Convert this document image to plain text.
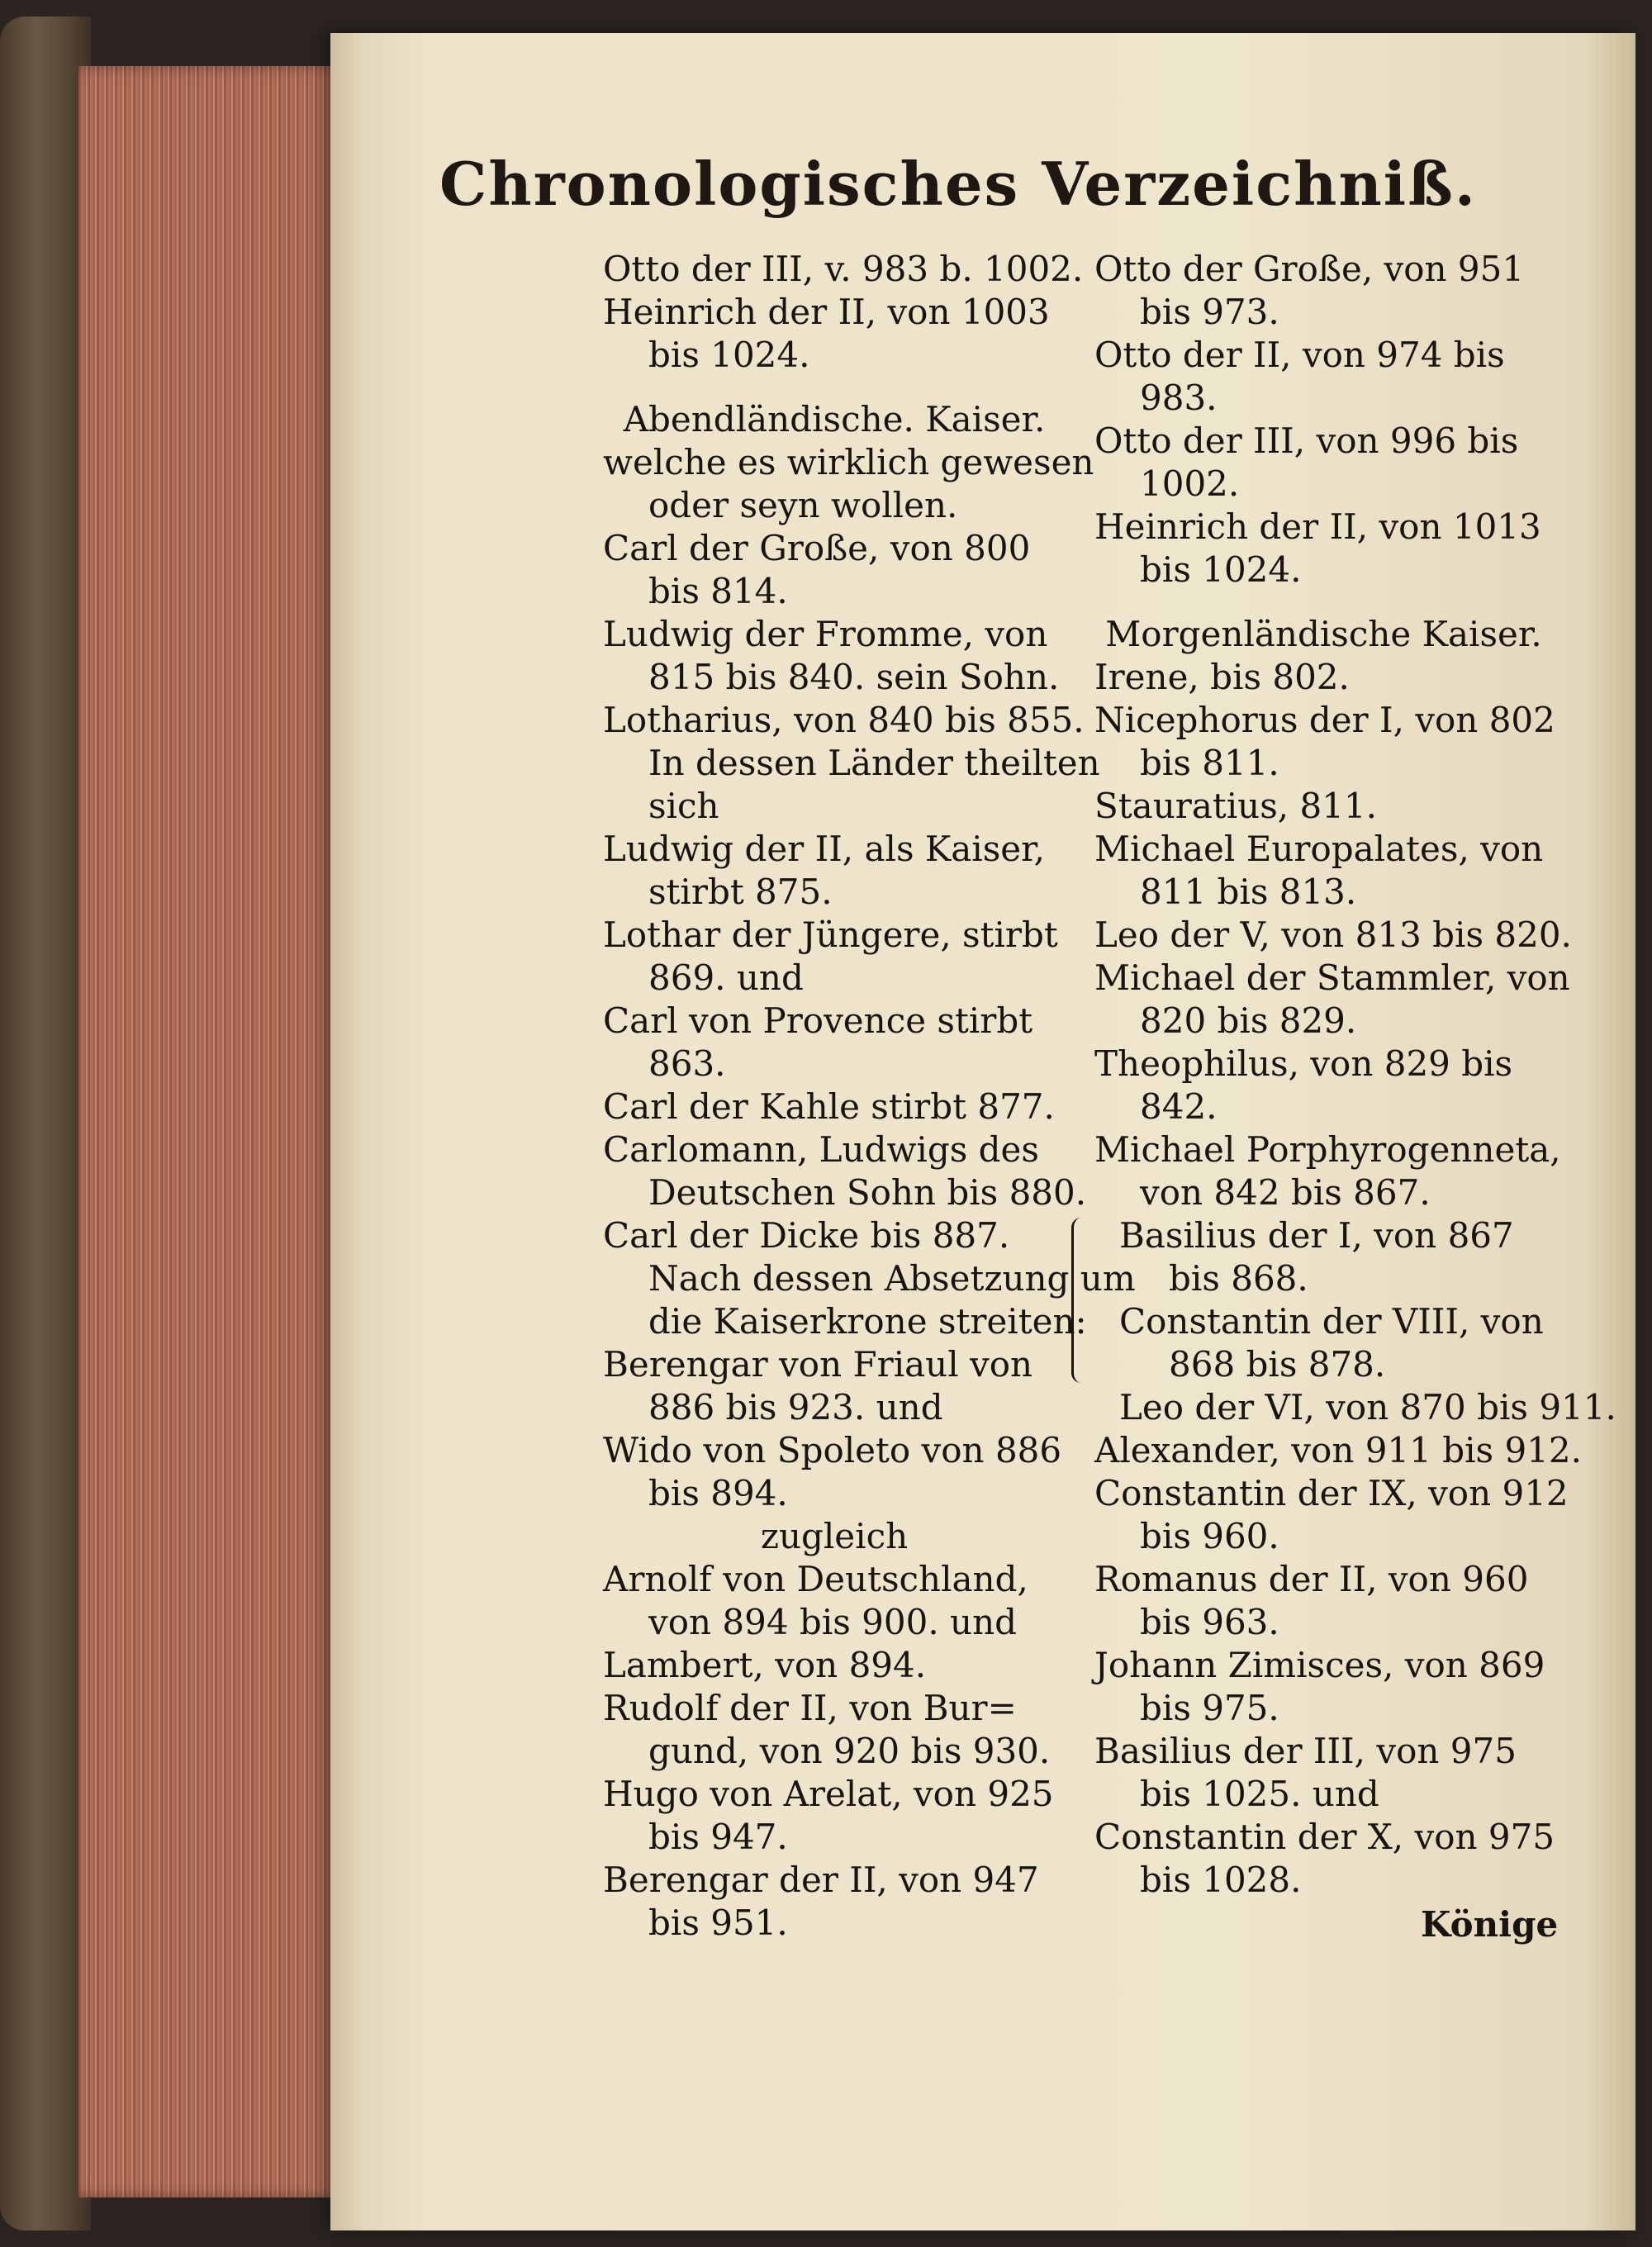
Chronologisches Verzeichniß.
Otto der III, v. 983 b. 1002.
Heinrich der II, von 1003
bis 1024.
Abendländische. Kaiser.
welche es wirklich gewesen
oder seyn wollen.
Carl der Große, von 800
bis 814.
Ludwig der Fromme, von
815 bis 840. sein Sohn.
Lotharius, von 840 bis 855.
In dessen Länder theilten
sich
Ludwig der II, als Kaiser,
stirbt 875.
Lothar der Jüngere, stirbt
869. und
Carl von Provence stirbt
863.
Carl der Kahle stirbt 877.
Carlomann, Ludwigs des
Deutschen Sohn bis 880.
Carl der Dicke bis 887.
Nach dessen Absetzung um
die Kaiserkrone streiten:
Berengar von Friaul von
886 bis 923. und
Wido von Spoleto von 886
bis 894.
zugleich
Arnolf von Deutschland,
von 894 bis 900. und
Lambert, von 894.
Rudolf der II, von Bur=
gund, von 920 bis 930.
Hugo von Arelat, von 925
bis 947.
Berengar der II, von 947
bis 951.
Otto der Große, von 951
bis 973.
Otto der II, von 974 bis
983.
Otto der III, von 996 bis
1002.
Heinrich der II, von 1013
bis 1024.
Morgenländische Kaiser.
Irene, bis 802.
Nicephorus der I, von 802
bis 811.
Stauratius, 811.
Michael Europalates, von
811 bis 813.
Leo der V, von 813 bis 820.
Michael der Stammler, von
820 bis 829.
Theophilus, von 829 bis
842.
Michael Porphyrogenneta,
von 842 bis 867.
Basilius der I, von 867
bis 868.
Constantin der VIII, von
868 bis 878.
Leo der VI, von 870 bis 911.
Alexander, von 911 bis 912.
Constantin der IX, von 912
bis 960.
Romanus der II, von 960
bis 963.
Johann Zimisces, von 869
bis 975.
Basilius der III, von 975
bis 1025. und
Constantin der X, von 975
bis 1028.
Könige
